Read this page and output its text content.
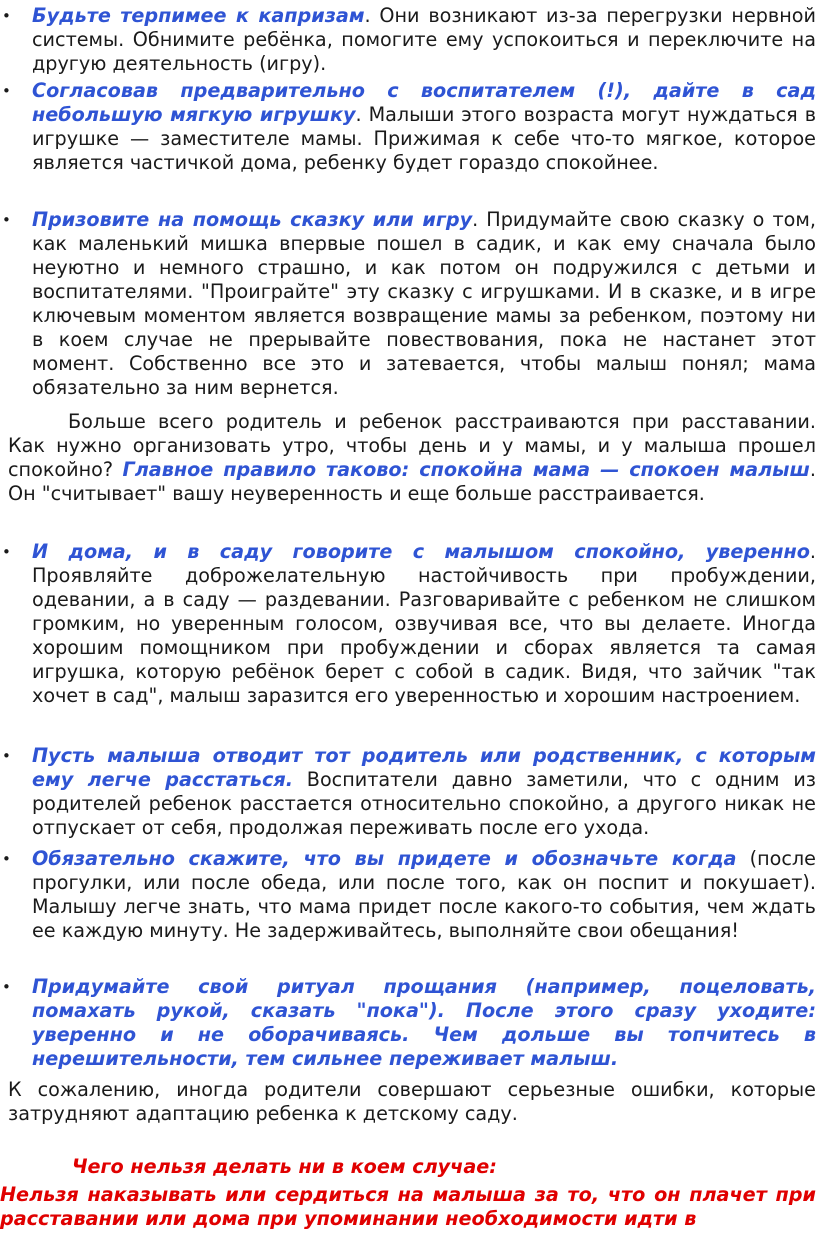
• Будьте терпимее к капризам. Они возникают из-за перегрузки нервной системы. Обнимите ребёнка, помогите ему успокоиться и переключите на другую деятельность (игру).
• Согласовав предварительно с воспитателем (!), дайте в сад небольшую мягкую игрушку. Малыши этого возраста могут нуждаться в игрушке — заместителе мамы. Прижимая к себе что-то мягкое, которое является частичкой дома, ребенку будет гораздо спокойнее.
• Призовите на помощь сказку или игру. Придумайте свою сказку о том, как маленький мишка впервые пошел в садик, и как ему сначала было неуютно и немного страшно, и как потом он подружился с детьми и воспитателями. "Проиграйте" эту сказку с игрушками. И в сказке, и в игре ключевым моментом является возвращение мамы за ребенком, поэтому ни в коем случае не прерывайте повествования, пока не настанет этот момент. Собственно все это и затевается, чтобы малыш понял; мама обязательно за ним вернется.
Больше всего родитель и ребенок расстраиваются при расставании. Как нужно организовать утро, чтобы день и у мамы, и у малыша прошел спокойно? Главное правило таково: спокойна мама — спокоен малыш. Он "считывает" вашу неуверенность и еще больше расстраивается.
• И дома, и в саду говорите с малышом спокойно, уверенно. Проявляйте доброжелательную настойчивость при пробуждении, одевании, а в саду — раздевании. Разговаривайте с ребенком не слишком громким, но уверенным голосом, озвучивая все, что вы делаете. Иногда хорошим помощником при пробуждении и сборах является та самая игрушка, которую ребёнок берет с собой в садик. Видя, что зайчик "так хочет в сад", малыш заразится его уверенностью и хорошим настроением.
• Пусть малыша отводит тот родитель или родственник, с которым ему легче расстаться. Воспитатели давно заметили, что с одним из родителей ребенок расстается относительно спокойно, а другого никак не отпускает от себя, продолжая переживать после его ухода.
• Обязательно скажите, что вы придете и обозначьте когда (после прогулки, или после обеда, или после того, как он поспит и покушает). Малышу легче знать, что мама придет после какого-то события, чем ждать ее каждую минуту. Не задерживайтесь, выполняйте свои обещания!
• Придумайте свой ритуал прощания (например, поцеловать, помахать рукой, сказать "пока"). После этого сразу уходите: уверенно и не оборачиваясь. Чем дольше вы топчитесь в нерешительности, тем сильнее переживает малыш.
К сожалению, иногда родители совершают серьезные ошибки, которые затрудняют адаптацию ребенка к детскому саду.
Чего нельзя делать ни в коем случае:
Нельзя наказывать или сердиться на малыша за то, что он плачет при расставании или дома при упоминании необходимости идти в
